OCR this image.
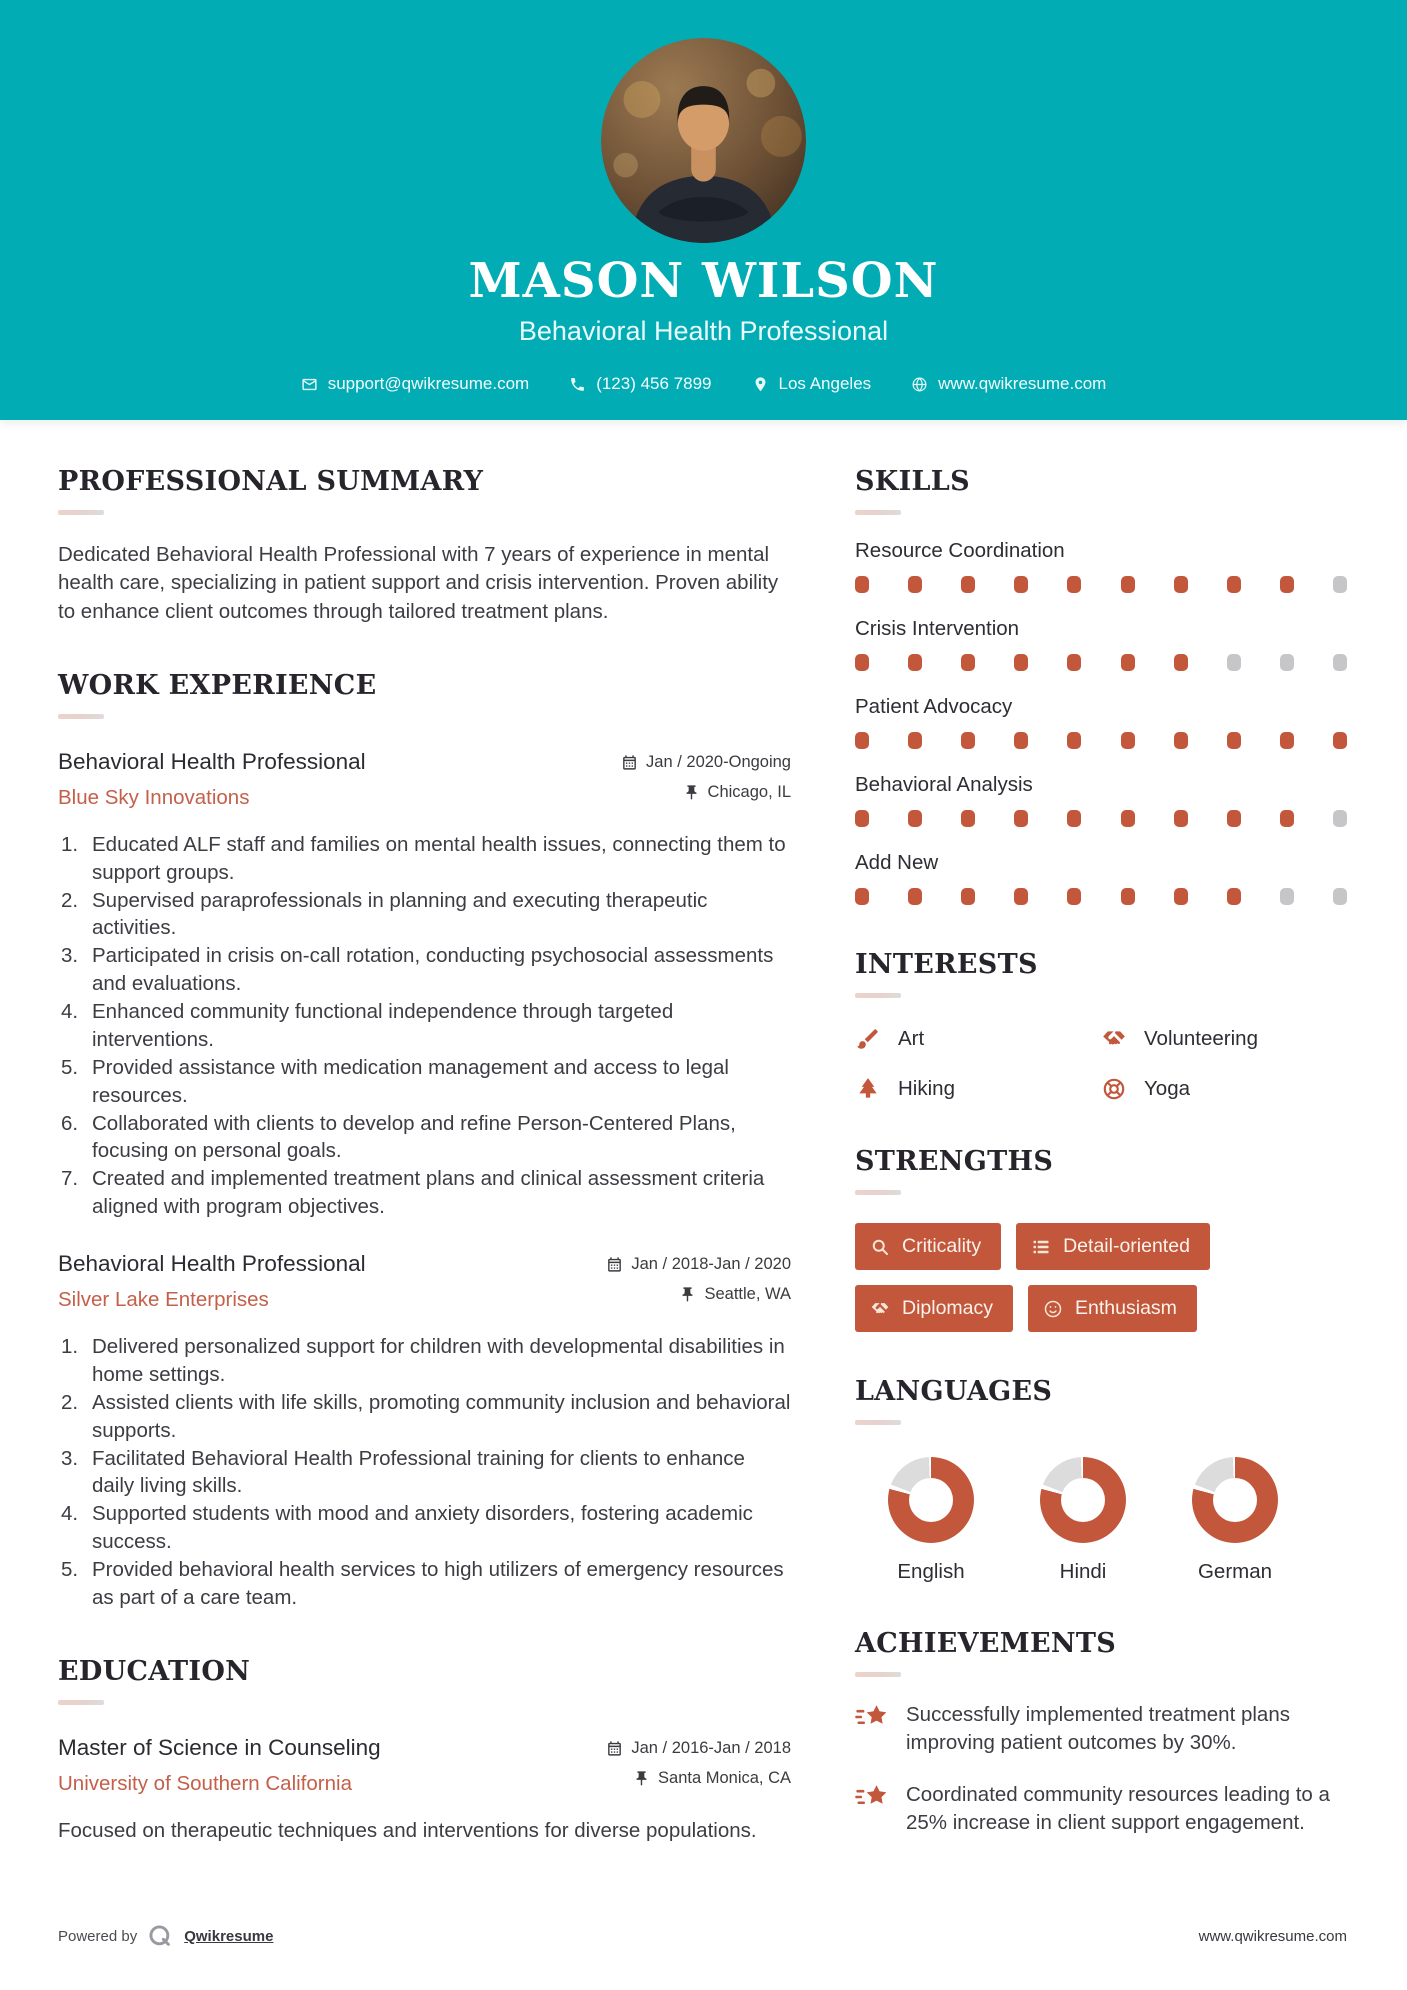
MASON WILSON
Behavioral Health Professional
support@qwikresume.com	(123) 456 7899	Los Angeles	www.qwikresume.com
PROFESSIONAL SUMMARY

Dedicated Behavioral Health Professional with 7 years of experience in mental health care, specializing in patient support and crisis intervention. Proven ability to enhance client outcomes through tailored treatment plans.

WORK EXPERIENCE
Behavioral Health Professional
Blue Sky Innovations
Jan / 2020-Ongoing
Chicago, IL
Educated ALF staff and families on mental health issues, connecting them to support groups.
Supervised paraprofessionals in planning and executing therapeutic activities.
Participated in crisis on-call rotation, conducting psychosocial assessments and evaluations.
Enhanced community functional independence through targeted interventions.
Provided assistance with medication management and access to legal resources.
Collaborated with clients to develop and refine Person-Centered Plans, focusing on personal goals.
Created and implemented treatment plans and clinical assessment criteria aligned with program objectives.
Behavioral Health Professional
Silver Lake Enterprises
Jan / 2018-Jan / 2020
Seattle, WA
Delivered personalized support for children with developmental disabilities in home settings.
Assisted clients with life skills, promoting community inclusion and behavioral supports.
Facilitated Behavioral Health Professional training for clients to enhance daily living skills.
Supported students with mood and anxiety disorders, fostering academic success.
Provided behavioral health services to high utilizers of emergency resources as part of a care team.
EDUCATION
Master of Science in Counseling
University of Southern California
Jan / 2016-Jan / 2018
Santa Monica, CA

Focused on therapeutic techniques and interventions for diverse populations.

SKILLS
Resource Coordination
Crisis Intervention
Patient Advocacy
Behavioral Analysis
Add New
INTERESTS
Art	Volunteering
Hiking	Yoga
STRENGTHS
Criticality	Detail-oriented
Diplomacy	Enthusiasm
LANGUAGES
English	Hindi	German
ACHIEVEMENTS

Successfully implemented treatment plans improving patient outcomes by 30%.

Coordinated community resources leading to a 25% increase in client support engagement.

Powered by	Qwikresume	www.qwikresume.com
